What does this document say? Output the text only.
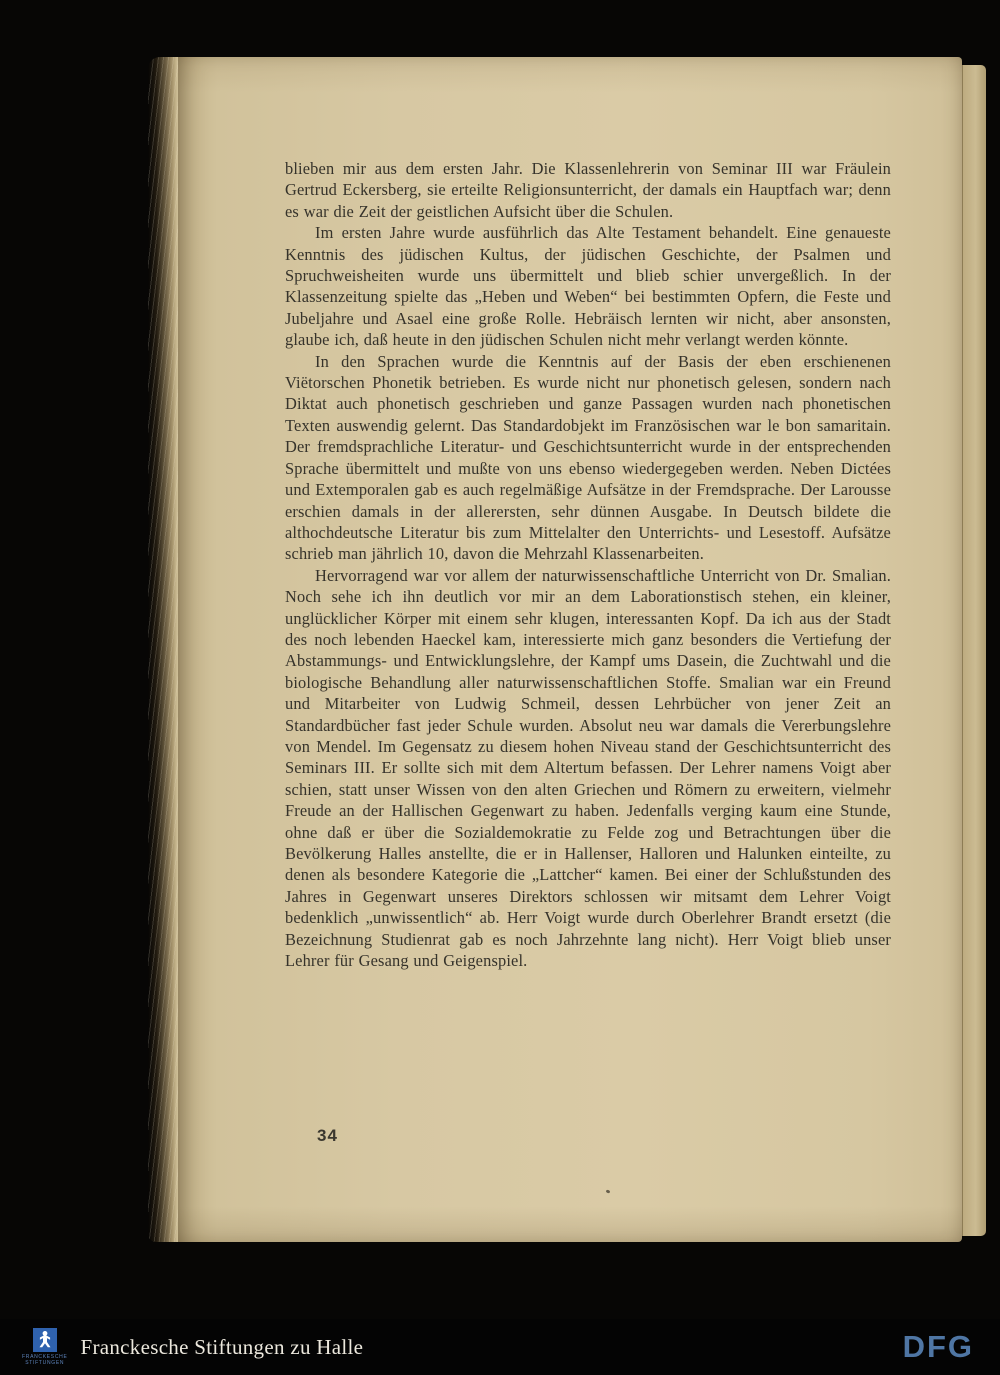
blieben mir aus dem ersten Jahr. Die Klassenlehrerin von Seminar III war Fräulein Gertrud Eckersberg, sie erteilte Religionsunterricht, der damals ein Hauptfach war; denn es war die Zeit der geistlichen Aufsicht über die Schulen.

Im ersten Jahre wurde ausführlich das Alte Testament behandelt. Eine genaueste Kenntnis des jüdischen Kultus, der jüdischen Geschichte, der Psalmen und Spruchweisheiten wurde uns übermittelt und blieb schier unvergeßlich. In der Klassenzeitung spielte das „Heben und Weben“ bei bestimmten Opfern, die Feste und Jubeljahre und Asael eine große Rolle. Hebräisch lernten wir nicht, aber ansonsten, glaube ich, daß heute in den jüdischen Schulen nicht mehr verlangt werden könnte.

In den Sprachen wurde die Kenntnis auf der Basis der eben erschienenen Viëtorschen Phonetik betrieben. Es wurde nicht nur phonetisch gelesen, sondern nach Diktat auch phonetisch geschrieben und ganze Passagen wurden nach phonetischen Texten auswendig gelernt. Das Standardobjekt im Französischen war le bon samaritain. Der fremdsprachliche Literatur- und Geschichtsunterricht wurde in der entsprechenden Sprache übermittelt und mußte von uns ebenso wiedergegeben werden. Neben Dictées und Extemporalen gab es auch regelmäßige Aufsätze in der Fremdsprache. Der Larousse erschien damals in der allerersten, sehr dünnen Ausgabe. In Deutsch bildete die althochdeutsche Literatur bis zum Mittelalter den Unterrichts- und Lesestoff. Aufsätze schrieb man jährlich 10, davon die Mehrzahl Klassenarbeiten.

Hervorragend war vor allem der naturwissenschaftliche Unterricht von Dr. Smalian. Noch sehe ich ihn deutlich vor mir an dem Laborationstisch stehen, ein kleiner, unglücklicher Körper mit einem sehr klugen, interessanten Kopf. Da ich aus der Stadt des noch lebenden Haeckel kam, interessierte mich ganz besonders die Vertiefung der Abstammungs- und Entwicklungslehre, der Kampf ums Dasein, die Zuchtwahl und die biologische Behandlung aller naturwissenschaftlichen Stoffe. Smalian war ein Freund und Mitarbeiter von Ludwig Schmeil, dessen Lehrbücher von jener Zeit an Standardbücher fast jeder Schule wurden. Absolut neu war damals die Vererbungslehre von Mendel. Im Gegensatz zu diesem hohen Niveau stand der Geschichtsunterricht des Seminars III. Er sollte sich mit dem Altertum befassen. Der Lehrer namens Voigt aber schien, statt unser Wissen von den alten Griechen und Römern zu erweitern, vielmehr Freude an der Hallischen Gegenwart zu haben. Jedenfalls verging kaum eine Stunde, ohne daß er über die Sozialdemokratie zu Felde zog und Betrachtungen über die Bevölkerung Halles anstellte, die er in Hallenser, Halloren und Halunken einteilte, zu denen als besondere Kategorie die „Lattcher“ kamen. Bei einer der Schlußstunden des Jahres in Gegenwart unseres Direktors schlossen wir mitsamt dem Lehrer Voigt bedenklich „unwissentlich“ ab. Herr Voigt wurde durch Oberlehrer Brandt ersetzt (die Bezeichnung Studienrat gab es noch Jahrzehnte lang nicht). Herr Voigt blieb unser Lehrer für Gesang und Geigenspiel.

34
FRANCKESCHE
STIFTUNGEN
Franckesche Stiftungen zu Halle	DFG
